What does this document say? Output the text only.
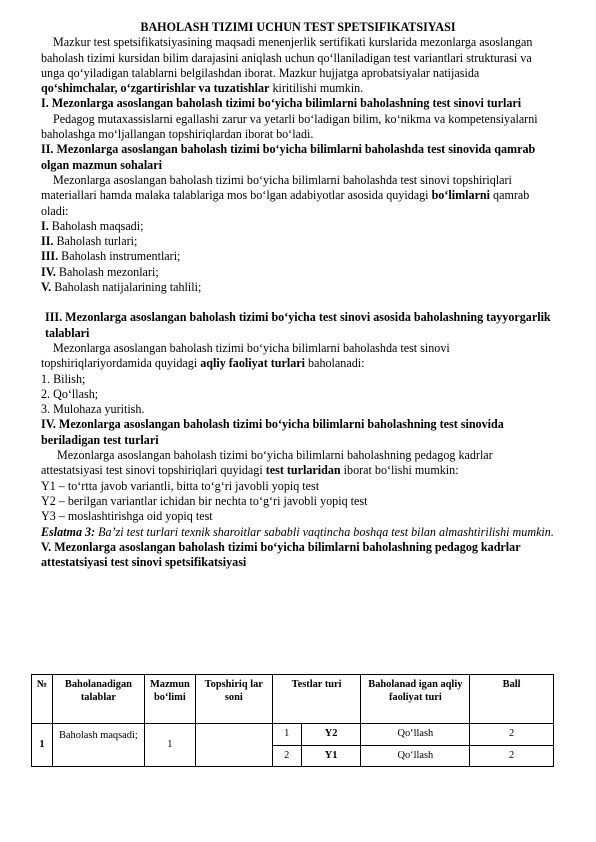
BAHOLASH TIZIMI UCHUN TEST SPETSIFIKATSIYASI

Mazkur test spetsifikatsiyasining maqsadi menenjerlik sertifikati kurslarida mezonlarga asoslangan baholash tizimi kursidan bilim darajasini aniqlash uchun qo‘llaniladigan test variantlari strukturasi va unga qo‘yiladigan talablarni belgilashdan iborat. Mazkur hujjatga aprobatsiyalar natijasida qo‘shimchalar, o‘zgartirishlar va tuzatishlar kiritilishi mumkin.

I. Mezonlarga asoslangan baholash tizimi bo‘yicha bilimlarni baholashning test sinovi turlari

Pedagog mutaxassislarni egallashi zarur va yetarli bo‘ladigan bilim, ko‘nikma va kompetensiyalarni baholashga mo‘ljallangan topshiriqlardan iborat bo‘ladi.

II. Mezonlarga asoslangan baholash tizimi bo‘yicha bilimlarni baholashda test sinovida qamrab olgan mazmun sohalari

Mezonlarga asoslangan baholash tizimi bo‘yicha bilimlarni baholashda test sinovi topshiriqlari materiallari hamda malaka talablariga mos bo‘lgan adabiyotlar asosida quyidagi bo‘limlarni qamrab oladi:

I. Baholash maqsadi;

II. Baholash turlari;

III. Baholash instrumentlari;

IV. Baholash mezonlari;

V. Baholash natijalarining tahlili;

III. Mezonlarga asoslangan baholash tizimi bo‘yicha test sinovi asosida baholashning tayyorgarlik talablari

Mezonlarga asoslangan baholash tizimi bo‘yicha bilimlarni baholashda test sinovi topshiriqlariyordamida quyidagi aqliy faoliyat turlari baholanadi:

1. Bilish;

2. Qo‘llash;

3. Mulohaza yuritish.

IV. Mezonlarga asoslangan baholash tizimi bo‘yicha bilimlarni baholashning test sinovida beriladigan test turlari

Mezonlarga asoslangan baholash tizimi bo‘yicha bilimlarni baholashning pedagog kadrlar attestatsiyasi test sinovi topshiriqlari quyidagi test turlaridan iborat bo‘lishi mumkin:

Y1 – to‘rtta javob variantli, bitta to‘g‘ri javobli yopiq test

Y2 – berilgan variantlar ichidan bir nechta to‘g‘ri javobli yopiq test

Y3 – moslashtirishga oid yopiq test

Eslatma 3: Ba’zi test turlari texnik sharoitlar sababli vaqtincha boshqa test bilan almashtirilishi mumkin.

V. Mezonlarga asoslangan baholash tizimi bo‘yicha bilimlarni baholashning pedagog kadrlar attestatsiyasi test sinovi spetsifikatsiyasi

№	Baholanadigan talablar	Mazmun bo‘limi	Topshiriq lar soni	Testlar turi		Baholanad igan aqliy faoliyat turi	Ball
1	Baholash maqsadi;	1		1	Y2	Qo‘llash	2
				2	Y1	Qo‘llash	2
